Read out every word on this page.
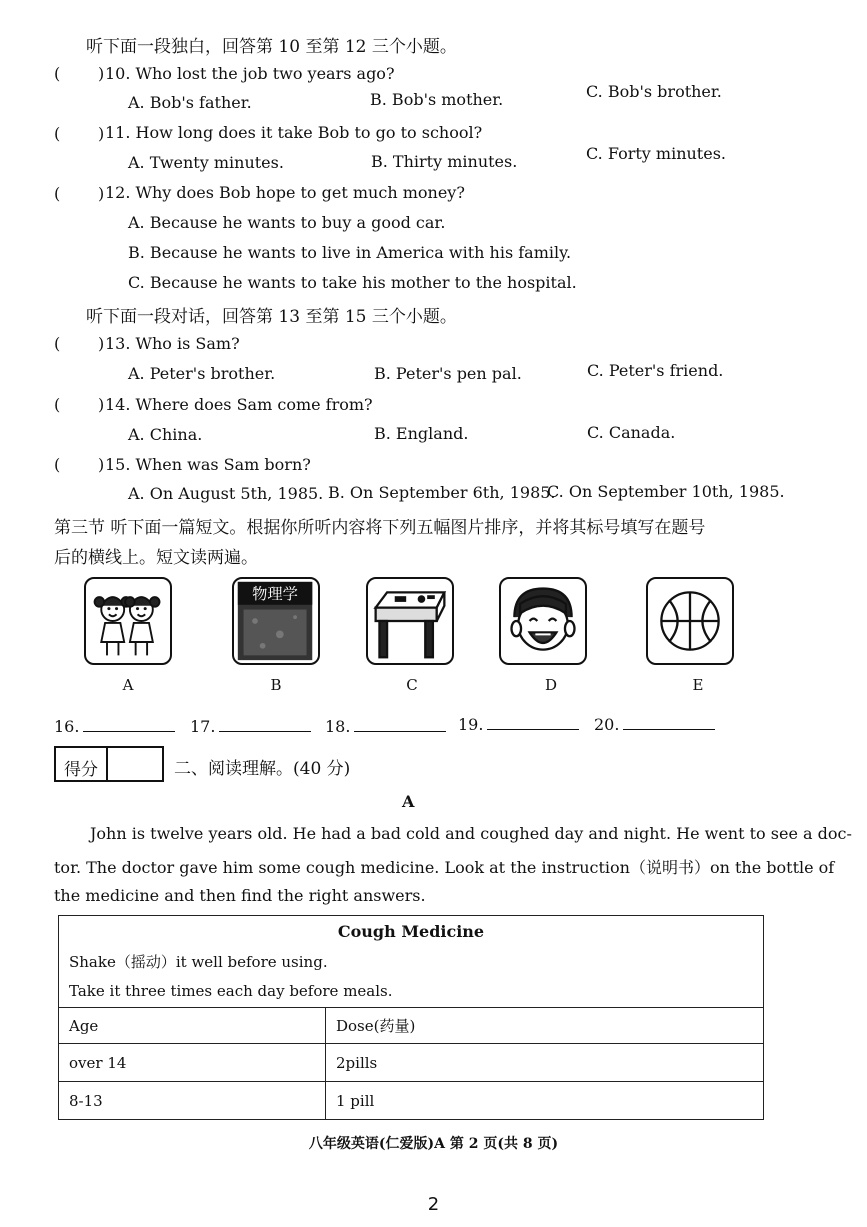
听下面一段独白，回答第 10 至第 12 三个小题。
( ) 10. Who lost the job two years ago?
A. Bob's father.	B. Bob's mother.	C. Bob's brother.
( ) 11. How long does it take Bob to go to school?
A. Twenty minutes.	B. Thirty minutes.	C. Forty minutes.
( ) 12. Why does Bob hope to get much money?
A. Because he wants to buy a good car.
B. Because he wants to live in America with his family.
C. Because he wants to take his mother to the hospital.
听下面一段对话，回答第 13 至第 15 三个小题。
( ) 13. Who is Sam?
A. Peter's brother.	B. Peter's pen pal.	C. Peter's friend.
( ) 14. Where does Sam come from?
A. China.	B. England.	C. Canada.
( ) 15. When was Sam born?
A. On August 5th, 1985. B. On September 6th, 1985.
C. On September 10th, 1985.
第三节 听下面一篇短文。根据你所听内容将下列五幅图片排序，并将其标号填写在题号
后的横线上。短文读两遍。
物理学
A	B	C	D	E
16.	17.	18.	19.	20.
得分	二、阅读理解。(40 分)
A
John is twelve years old. He had a bad cold and coughed day and night. He went to see a doc-
tor. The doctor gave him some cough medicine. Look at the instruction（说明书）on the bottle of
the medicine and then find the right answers.
Cough Medicine
Shake（摇动）it well before using.
Take it three times each day before meals.	

Age	Dose(药量)
over 14	2pills
8-13	1 pill
八年级英语(仁爱版)A 第 2 页(共 8 页)
2
